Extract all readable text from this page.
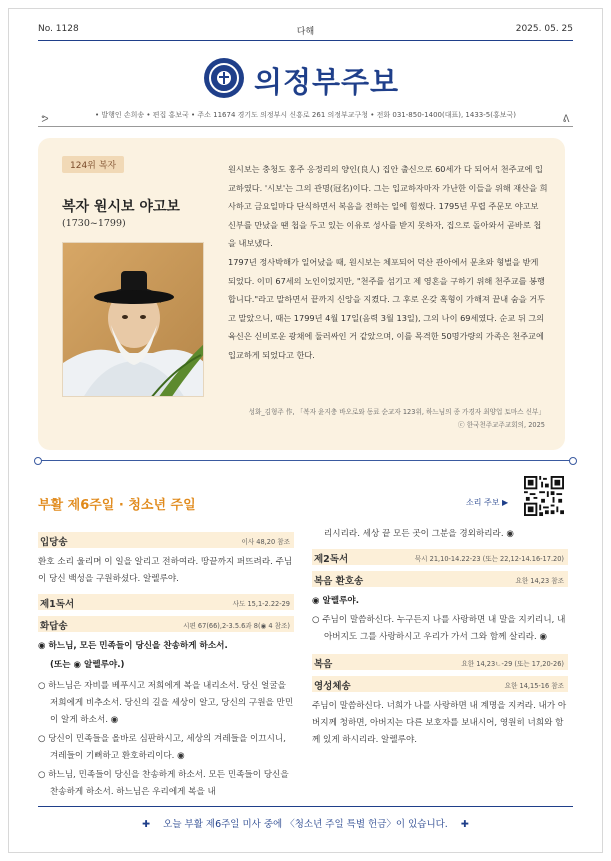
No. 1128	다해	2025. 05. 25
의정부주보
ᕗ	• 발행인 손희송 • 편집 홍보국 • 주소 11674 경기도 의정부시 신흥로 261 의정부교구청 • 전화 031-850-1400(대표), 1433-5(홍보국)	ᕕ
124위 복자
복자 원시보 야고보
(1730~1799)

원시보는 충청도 홍주 응정리의 양인(良人) 집안 출신으로 60세가 다 되어서 천주교에 입교하였다. '시보'는 그의 관명(冠名)이다. 그는 입교하자마자 가난한 이들을 위해 재산을 희사하고 금요일마다 단식하면서 복음을 전하는 일에 힘썼다. 1795년 무렵 주문모 야고보 신부를 만났을 땐 첩을 두고 있는 이유로 성사를 받지 못하자, 집으로 돌아와서 곧바로 첩을 내보냈다.

1797년 정사박해가 일어났을 때, 원시보는 체포되어 덕산 관아에서 문초와 형벌을 받게 되었다. 이미 67세의 노인이었지만, "천주를 섬기고 제 영혼을 구하기 위해 천주교를 봉행합니다."라고 말하면서 끝까지 신앙을 지켰다. 그 후로 온갖 혹형이 가해져 끝내 숨을 거두고 말았으니, 때는 1799년 4월 17일(음력 3월 13일), 그의 나이 69세였다. 순교 뒤 그의 육신은 신비로운 광채에 둘러싸인 거 같았으며, 이를 목격한 50명가량의 가족은 천주교에 입교하게 되었다고 한다.

성화_김형주 作, 「복자 윤지충 바오로와 동료 순교자 123위, 하느님의 종 가경자 최양업 토마스 신부」
ⓒ 한국천주교주교회의, 2025
부활 제6주일 · 청소년 주일	소리 주보 ▶
입당송	이사 48,20 참조
환호 소리 울리며 이 일을 알리고 전하여라. 땅끝까지 퍼뜨려라. 주님이 당신 백성을 구원하셨다. 알렐루야.
제1독서	사도 15,1-2.22-29
화답송	시편 67(66),2-3.5.6과 8(◉ 4 참조)
◉ 하느님, 모든 민족들이 당신을 찬송하게 하소서.
(또는 ◉ 알렐루야.)
○ 하느님은 자비를 베푸시고 저희에게 복을 내리소서. 당신 얼굴을 저희에게 비추소서. 당신의 길을 세상이 알고, 당신의 구원을 만민이 알게 하소서. ◉
○ 당신이 민족들을 올바로 심판하시고, 세상의 겨레들을 이끄시니, 겨레들이 기뻐하고 환호하리이다. ◉
○ 하느님, 민족들이 당신을 찬송하게 하소서. 모든 민족들이 당신을 찬송하게 하소서. 하느님은 우리에게 복을 내
리시리라. 세상 끝 모든 곳이 그분을 경외하리라. ◉
제2독서	묵시 21,10-14.22-23 (또는 22,12-14.16-17.20)
복음 환호송	요한 14,23 참조
◉ 알렐루야.
○ 주님이 말씀하신다. 누구든지 나를 사랑하면 내 말을 지키리니, 내 아버지도 그를 사랑하시고 우리가 가서 그와 함께 살리라. ◉
복음	요한 14,23ㄴ-29 (또는 17,20-26)
영성체송	요한 14,15-16 참조
주님이 말씀하신다. 너희가 나를 사랑하면 내 계명을 지켜라. 내가 아버지께 청하면, 아버지는 다른 보호자를 보내시어, 영원히 너희와 함께 있게 하시리라. 알렐루야.
✚ 오늘 부활 제6주일 미사 중에 〈청소년 주일 특별 헌금〉이 있습니다. ✚
